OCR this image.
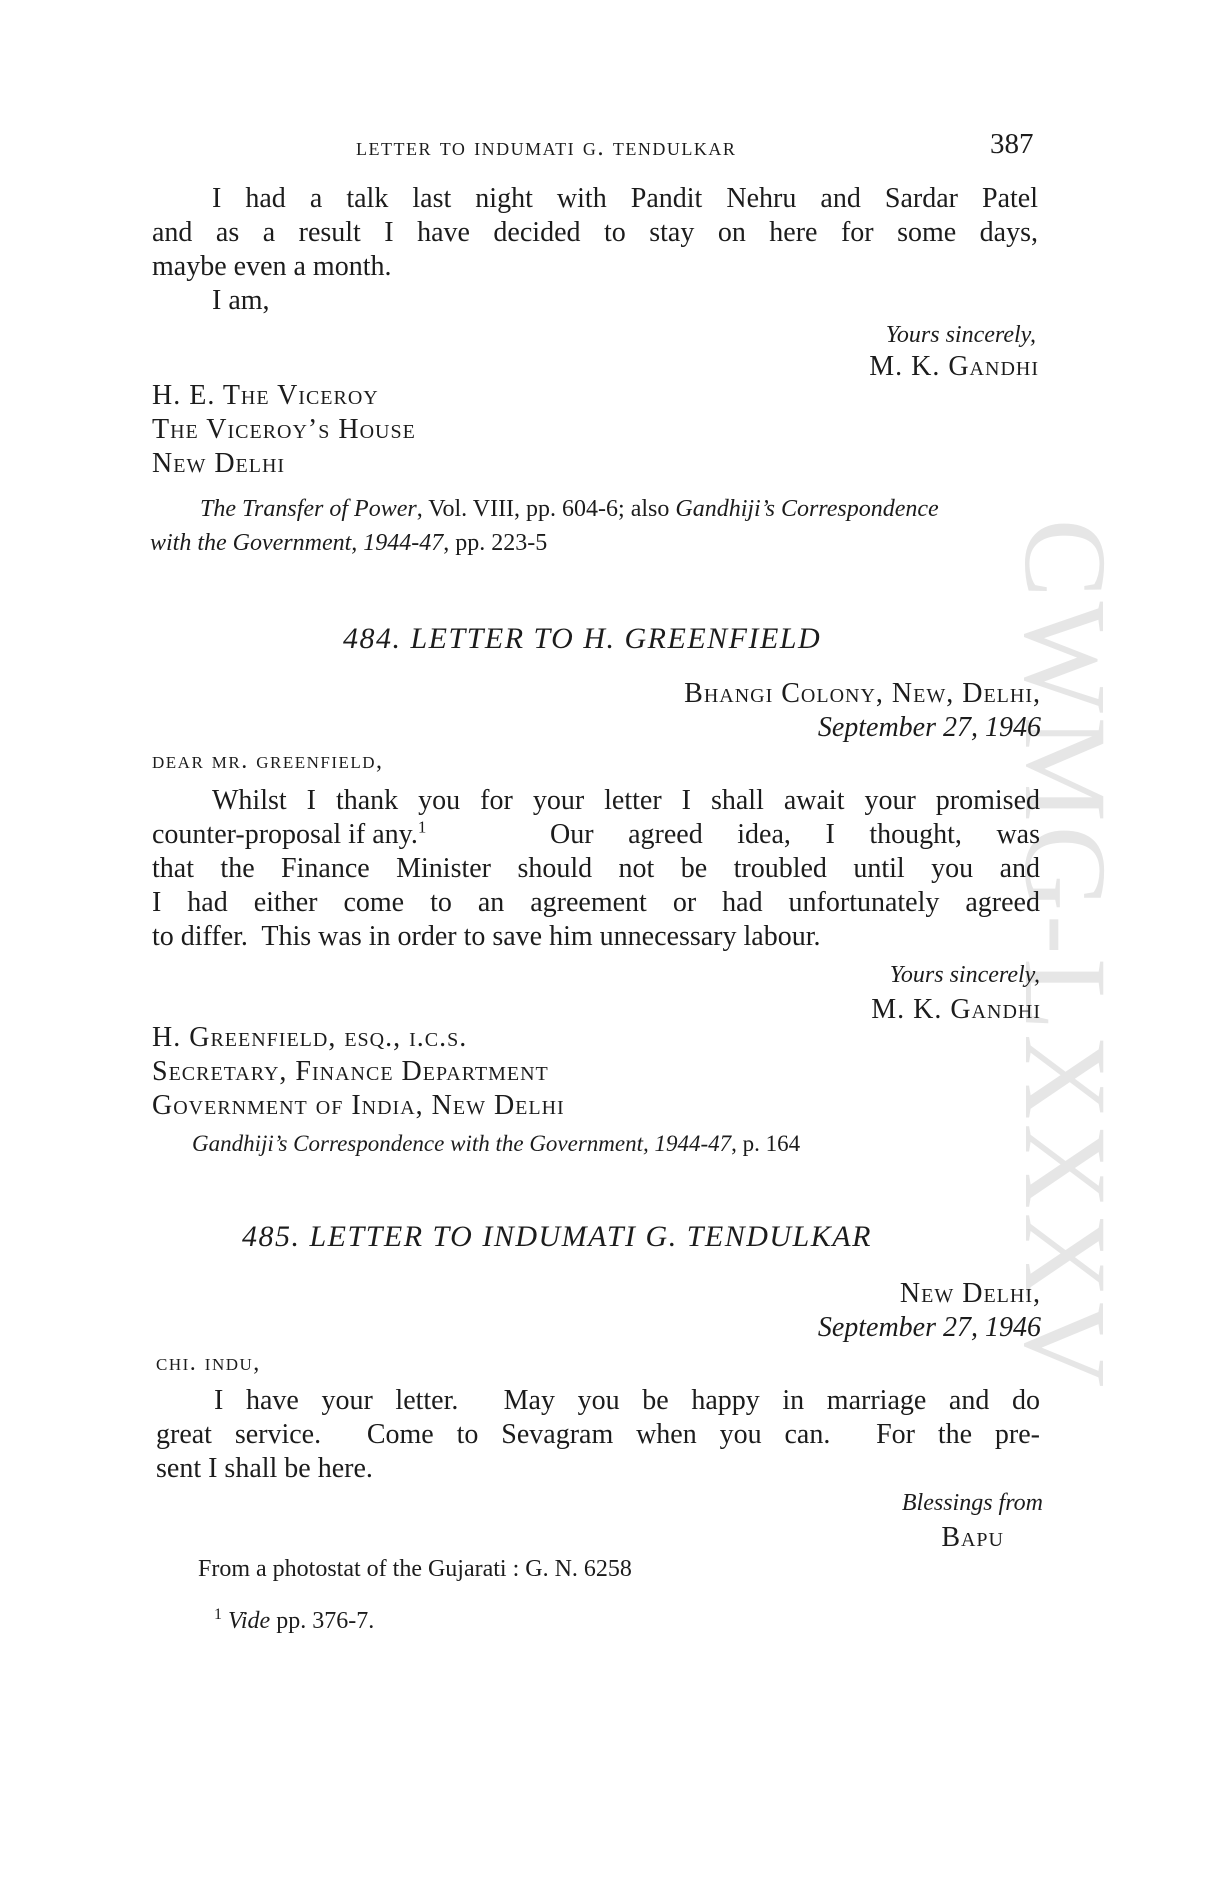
CWMG-LXXXV
letter to indumati g. tendulkar	387
I had a talk last night with Pandit Nehru and Sardar Patel
and as a result I have decided to stay on here for some days,
maybe even a month.
I am,
Yours sincerely,
M. K. Gandhi
H. E. The Viceroy
The Viceroy’s House
New Delhi
The Transfer of Power, Vol. VIII, pp. 604-6; also Gandhiji’s Correspondence
with the Government, 1944-47, pp. 223-5
484. LETTER TO H. GREENFIELD
Bhangi Colony, New, Delhi,
September 27, 1946
dear mr. greenfield,
Whilst I thank you for your letter I shall await your promised
counter-proposal if any.$^1$	Our agreed idea, I thought, was
that the Finance Minister should not be troubled until you and
I had either come to an agreement or had unfortunately agreed
to differ.  This was in order to save him unnecessary labour.
Yours sincerely,
M. K. Gandhi
H. Greenfield, esq., i.c.s.
Secretary, Finance Department
Government of India, New Delhi
Gandhiji’s Correspondence with the Government, 1944-47, p. 164
485. LETTER TO INDUMATI G. TENDULKAR
New Delhi,
September 27, 1946
chi. indu,
I have your letter.  May you be happy in marriage and do
great service.  Come to Sevagram when you can.  For the pre-
sent I shall be here.
Blessings from
Bapu
From a photostat of the Gujarati : G. N. 6258
$^1$ Vide pp. 376-7.
